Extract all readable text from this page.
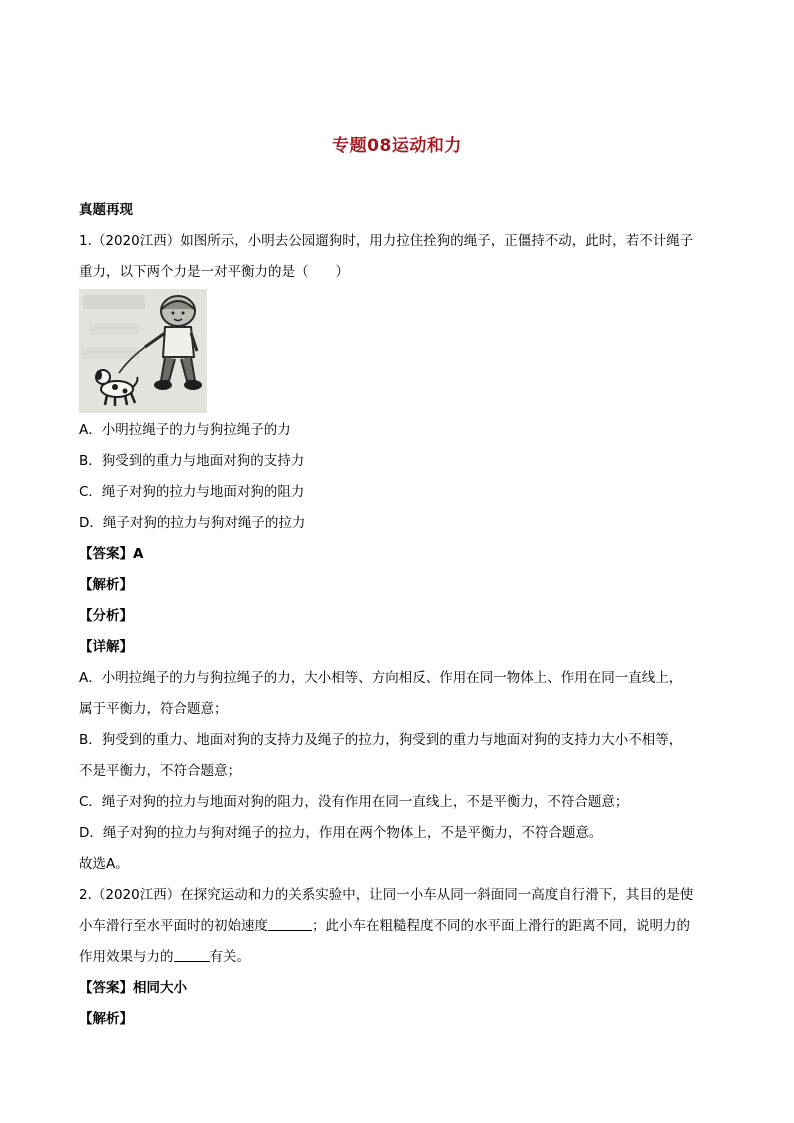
专题08运动和力
真题再现
1.（2020江西）如图所示，小明去公园遛狗时，用力拉住拴狗的绳子，正僵持不动，此时，若不计绳子
重力，以下两个力是一对平衡力的是（　　）
A．小明拉绳子的力与狗拉绳子的力
B．狗受到的重力与地面对狗的支持力
C．绳子对狗的拉力与地面对狗的阻力
D．绳子对狗的拉力与狗对绳子的拉力
【答案】A
【解析】
【分析】
【详解】
A．小明拉绳子的力与狗拉绳子的力，大小相等、方向相反、作用在同一物体上、作用在同一直线上，
属于平衡力，符合题意；
B．狗受到的重力、地面对狗的支持力及绳子的拉力，狗受到的重力与地面对狗的支持力大小不相等，
不是平衡力，不符合题意；
C．绳子对狗的拉力与地面对狗的阻力，没有作用在同一直线上，不是平衡力，不符合题意；
D．绳子对狗的拉力与狗对绳子的拉力，作用在两个物体上，不是平衡力，不符合题意。
故选A。
2.（2020江西）在探究运动和力的关系实验中，让同一小车从同一斜面同一高度自行滑下，其目的是使
小车滑行至水平面时的初始速度	；此小车在粗糙程度不同的水平面上滑行的距离不同，说明力的
作用效果与力的	有关。
【答案】相同大小
【解析】
